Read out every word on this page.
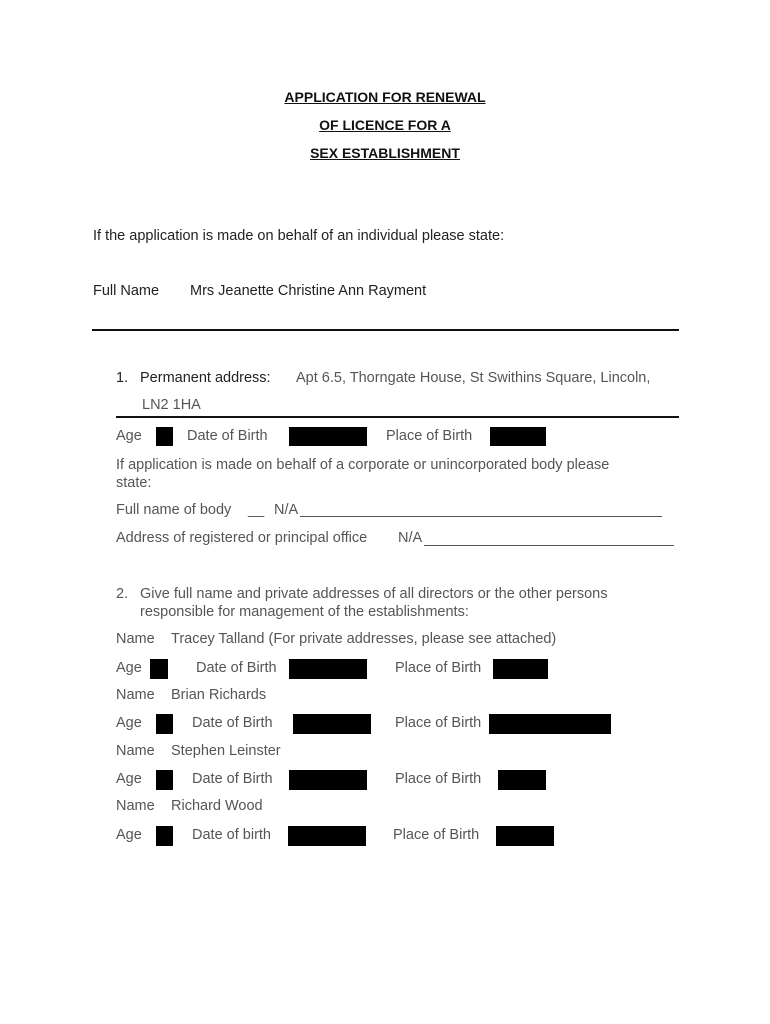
APPLICATION FOR RENEWAL
OF LICENCE FOR A
SEX ESTABLISHMENT
If the application is made on behalf of an individual please state:
Full Name Mrs Jeanette Christine Ann Rayment
1. Permanent address: Apt 6.5, Thorngate House, St Swithins Square, Lincoln,
LN2 1HA
Age	Date of Birth	Place of Birth
If application is made on behalf of a corporate or unincorporated body please
state:
Full name of body __ N/A
Address of registered or principal office N/A
2. Give full name and private addresses of all directors or the other persons
responsible for management of the establishments:
Name Tracey Talland (For private addresses, please see attached)
Age	Date of Birth	Place of Birth
Name Brian Richards
Age	Date of Birth	Place of Birth
Name Stephen Leinster
Age	Date of Birth	Place of Birth
Name Richard Wood
Age	Date of birth	Place of Birth
